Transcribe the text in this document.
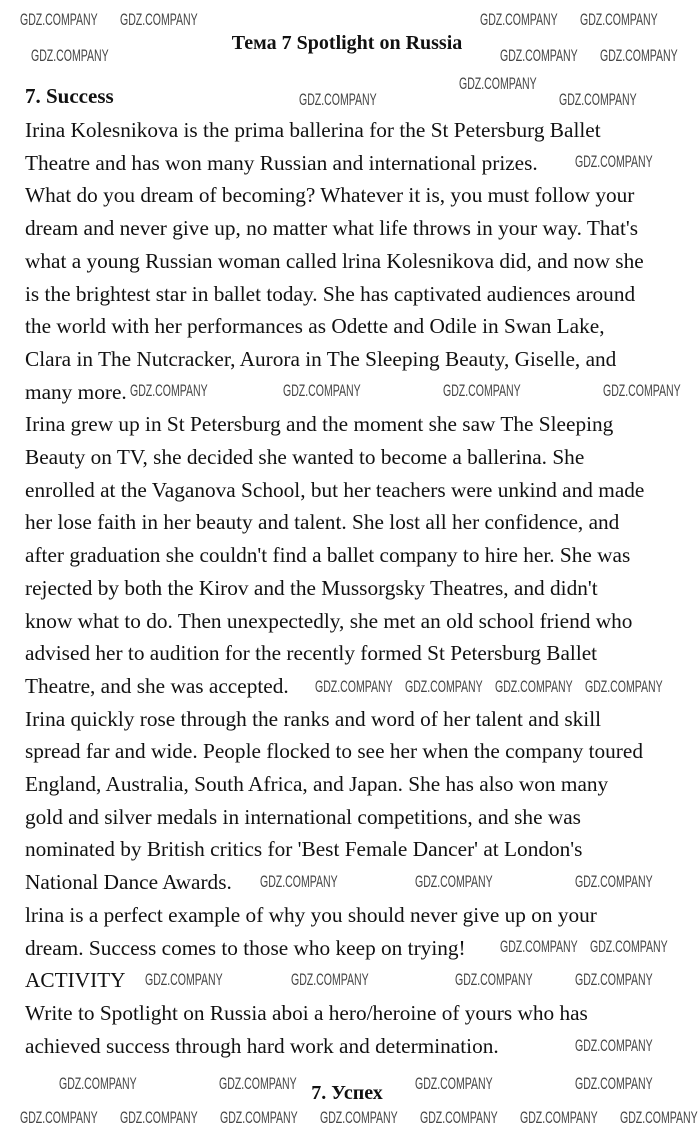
Тема 7 Spotlight on Russia
7. Success
Irina Kolesnikova is the prima ballerina for the St Petersburg Ballet
Theatre and has won many Russian and international prizes.
What do you dream of becoming? Whatever it is, you must follow your
dream and never give up, no matter what life throws in your way. That's
what a young Russian woman called lrina Kolesnikova did, and now she
is the brightest star in ballet today. She has captivated audiences around
the world with her performances as Odette and Odile in Swan Lake,
Clara in The Nutcracker, Aurora in The Sleeping Beauty, Giselle, and
many more.
Irina grew up in St Petersburg and the moment she saw The Sleeping
Beauty on TV, she decided she wanted to become a ballerina. She
enrolled at the Vaganova School, but her teachers were unkind and made
her lose faith in her beauty and talent. She lost all her confidence, and
after graduation she couldn't find a ballet company to hire her. She was
rejected by both the Kirov and the Mussorgsky Theatres, and didn't
know what to do. Then unexpectedly, she met an old school friend who
advised her to audition for the recently formed St Petersburg Ballet
Theatre, and she was accepted.
Irina quickly rose through the ranks and word of her talent and skill
spread far and wide. People flocked to see her when the company toured
England, Australia, South Africa, and Japan. She has also won many
gold and silver medals in international competitions, and she was
nominated by British critics for 'Best Female Dancer' at London's
National Dance Awards.
lrina is a perfect example of why you should never give up on your
dream. Success comes to those who keep on trying!
ACTIVITY
Write to Spotlight on Russia aboi a hero/heroine of yours who has
achieved success through hard work and determination.
7. Успех
GDZ.COMPANY GDZ.COMPANY	GDZ.COMPANY GDZ.COMPANY
GDZ.COMPANY	GDZ.COMPANY GDZ.COMPANY
GDZ.COMPANY
GDZ.COMPANY	GDZ.COMPANY
GDZ.COMPANY
GDZ.COMPANY	GDZ.COMPANY	GDZ.COMPANY	GDZ.COMPANY
GDZ.COMPANY GDZ.COMPANY GDZ.COMPANY GDZ.COMPANY
GDZ.COMPANY	GDZ.COMPANY	GDZ.COMPANY
GDZ.COMPANY GDZ.COMPANY
GDZ.COMPANY	GDZ.COMPANY	GDZ.COMPANY GDZ.COMPANY
GDZ.COMPANY
GDZ.COMPANY	GDZ.COMPANY	GDZ.COMPANY	GDZ.COMPANY
GDZ.COMPANY GDZ.COMPANY GDZ.COMPANY GDZ.COMPANY GDZ.COMPANY GDZ.COMPANY GDZ.COMPANY
